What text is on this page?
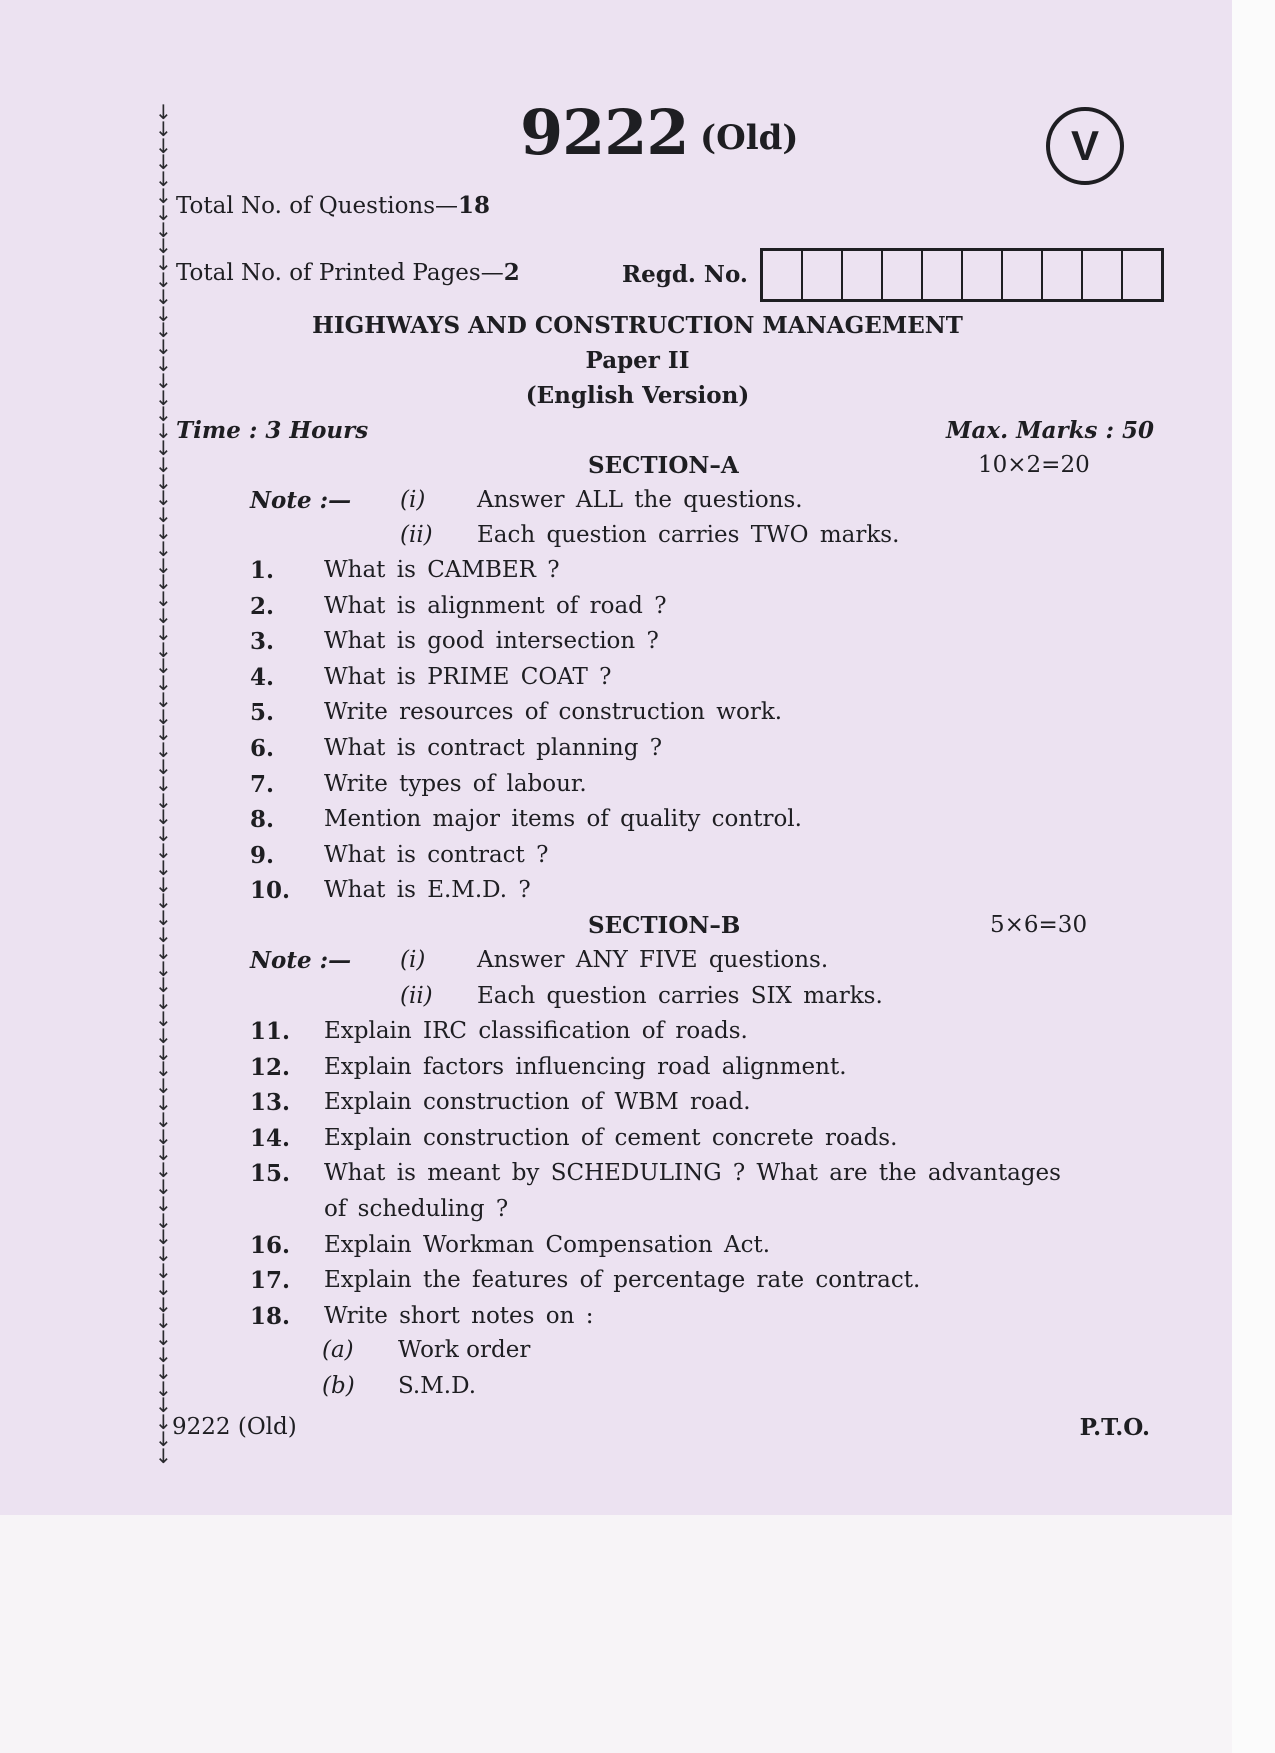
↓
↓
↓
↓
↓
↓
↓
↓
↓
↓
↓
↓
↓
↓
↓
↓
↓
↓
↓
↓
↓
↓
↓
↓
↓
↓
↓
↓
↓
↓
↓
↓
↓
↓
↓
↓
↓
↓
↓
↓
↓
↓
↓
↓
↓
↓
↓
↓
↓
↓
↓
↓
↓
↓
↓
↓
↓
↓
↓
↓
↓
↓
↓
↓
↓
↓
↓
↓
↓
↓
↓
↓
↓
↓
↓
↓
↓
↓
↓
↓
↓

9222 (Old)	V
Total No. of Questions—18
Total No. of Printed Pages—2	Regd. No.
HIGHWAYS AND CONSTRUCTION MANAGEMENT
Paper II
(English Version)
Time : 3 Hours	Max. Marks : 50
SECTION–A	10×2=20
Note :— (i) Answer ALL the questions.
(ii) Each question carries TWO marks.
1. What is CAMBER ?
2. What is alignment of road ?
3. What is good intersection ?
4. What is PRIME COAT ?
5. Write resources of construction work.
6. What is contract planning ?
7. Write types of labour.
8. Mention major items of quality control.
9. What is contract ?
10. What is E.M.D. ?
SECTION–B	5×6=30
Note :— (i) Answer ANY FIVE questions.
(ii) Each question carries SIX marks.
11. Explain IRC classification of roads.
12. Explain factors influencing road alignment.
13. Explain construction of WBM road.
14. Explain construction of cement concrete roads.
15. What is meant by SCHEDULING ? What are the advantages
of scheduling ?
16. Explain Workman Compensation Act.
17. Explain the features of percentage rate contract.
18. Write short notes on :
(a) Work order
(b) S.M.D.
9222 (Old)	P.T.O.
